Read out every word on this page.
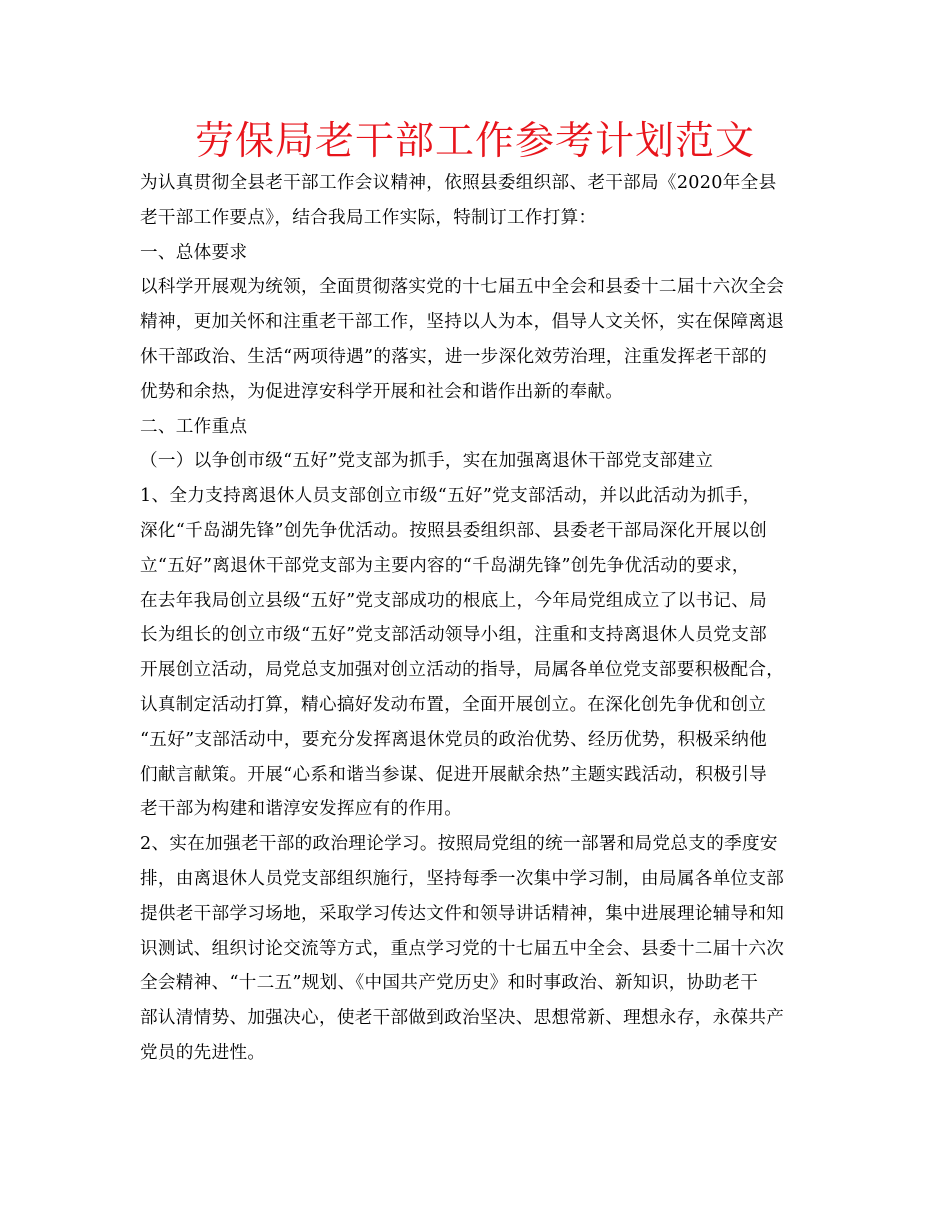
劳保局老干部工作参考计划范文
为认真贯彻全县老干部工作会议精神，依照县委组织部、老干部局《2020年全县
老干部工作要点》，结合我局工作实际，特制订工作打算：
一、总体要求
以科学开展观为统领，全面贯彻落实党的十七届五中全会和县委十二届十六次全会
精神，更加关怀和注重老干部工作，坚持以人为本，倡导人文关怀，实在保障离退
休干部政治、生活“两项待遇”的落实，进一步深化效劳治理，注重发挥老干部的
优势和余热，为促进淳安科学开展和社会和谐作出新的奉献。
二、工作重点
（一）以争创市级“五好”党支部为抓手，实在加强离退休干部党支部建立
1、全力支持离退休人员支部创立市级“五好”党支部活动，并以此活动为抓手，
深化“千岛湖先锋”创先争优活动。按照县委组织部、县委老干部局深化开展以创
立“五好”离退休干部党支部为主要内容的“千岛湖先锋”创先争优活动的要求，
在去年我局创立县级“五好”党支部成功的根底上，今年局党组成立了以书记、局
长为组长的创立市级“五好”党支部活动领导小组，注重和支持离退休人员党支部
开展创立活动，局党总支加强对创立活动的指导，局属各单位党支部要积极配合，
认真制定活动打算，精心搞好发动布置，全面开展创立。在深化创先争优和创立
“五好”支部活动中，要充分发挥离退休党员的政治优势、经历优势，积极采纳他
们献言献策。开展“心系和谐当参谋、促进开展献余热”主题实践活动，积极引导
老干部为构建和谐淳安发挥应有的作用。
2、实在加强老干部的政治理论学习。按照局党组的统一部署和局党总支的季度安
排，由离退休人员党支部组织施行，坚持每季一次集中学习制，由局属各单位支部
提供老干部学习场地，采取学习传达文件和领导讲话精神，集中进展理论辅导和知
识测试、组织讨论交流等方式，重点学习党的十七届五中全会、县委十二届十六次
全会精神、“十二五”规划、《中国共产党历史》和时事政治、新知识，协助老干
部认清情势、加强决心，使老干部做到政治坚决、思想常新、理想永存，永葆共产
党员的先进性。
